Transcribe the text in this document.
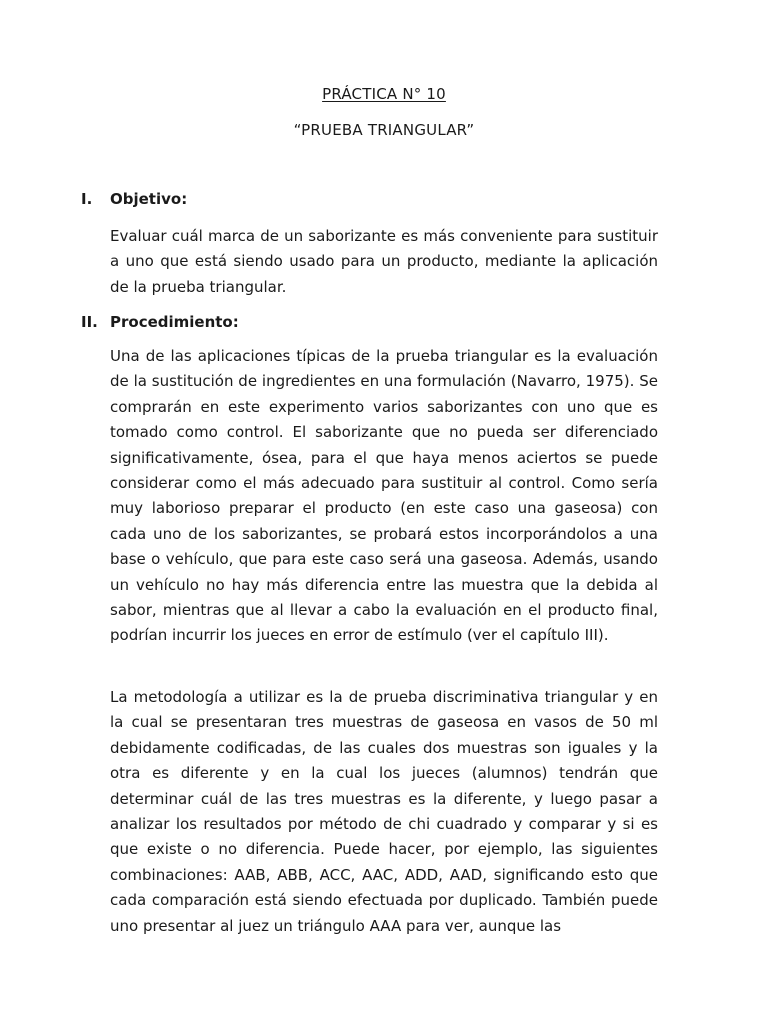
PRÁCTICA N° 10
“PRUEBA TRIANGULAR”
I. Objetivo:

Evaluar cuál marca de un saborizante es más conveniente para sustituir a uno que está siendo usado para un producto, mediante la aplicación de la prueba triangular.

II. Procedimiento:

Una de las aplicaciones típicas de la prueba triangular es la evaluación de la sustitución de ingredientes en una formulación (Navarro, 1975). Se comprarán en este experimento varios saborizantes con uno que es tomado como control. El saborizante que no pueda ser diferenciado significativamente, ósea, para el que haya menos aciertos se puede considerar como el más adecuado para sustituir al control. Como sería muy laborioso preparar el producto (en este caso una gaseosa) con cada uno de los saborizantes, se probará estos incorporándolos a una base o vehículo, que para este caso será una gaseosa. Además, usando un vehículo no hay más diferencia entre las muestra que la debida al sabor, mientras que al llevar a cabo la evaluación en el producto final, podrían incurrir los jueces en error de estímulo (ver el capítulo III).

La metodología a utilizar es la de prueba discriminativa triangular y en la cual se presentaran tres muestras de gaseosa en vasos de 50 ml debidamente codificadas, de las cuales dos muestras son iguales y la otra es diferente y en la cual los jueces (alumnos) tendrán que determinar cuál de las tres muestras es la diferente, y luego pasar a analizar los resultados por método de chi cuadrado y comparar y si es que existe o no diferencia. Puede hacer, por ejemplo, las siguientes combinaciones: AAB, ABB, ACC, AAC, ADD, AAD, significando esto que cada comparación está siendo efectuada por duplicado. También puede uno presentar al juez un triángulo AAA para ver, aunque las
